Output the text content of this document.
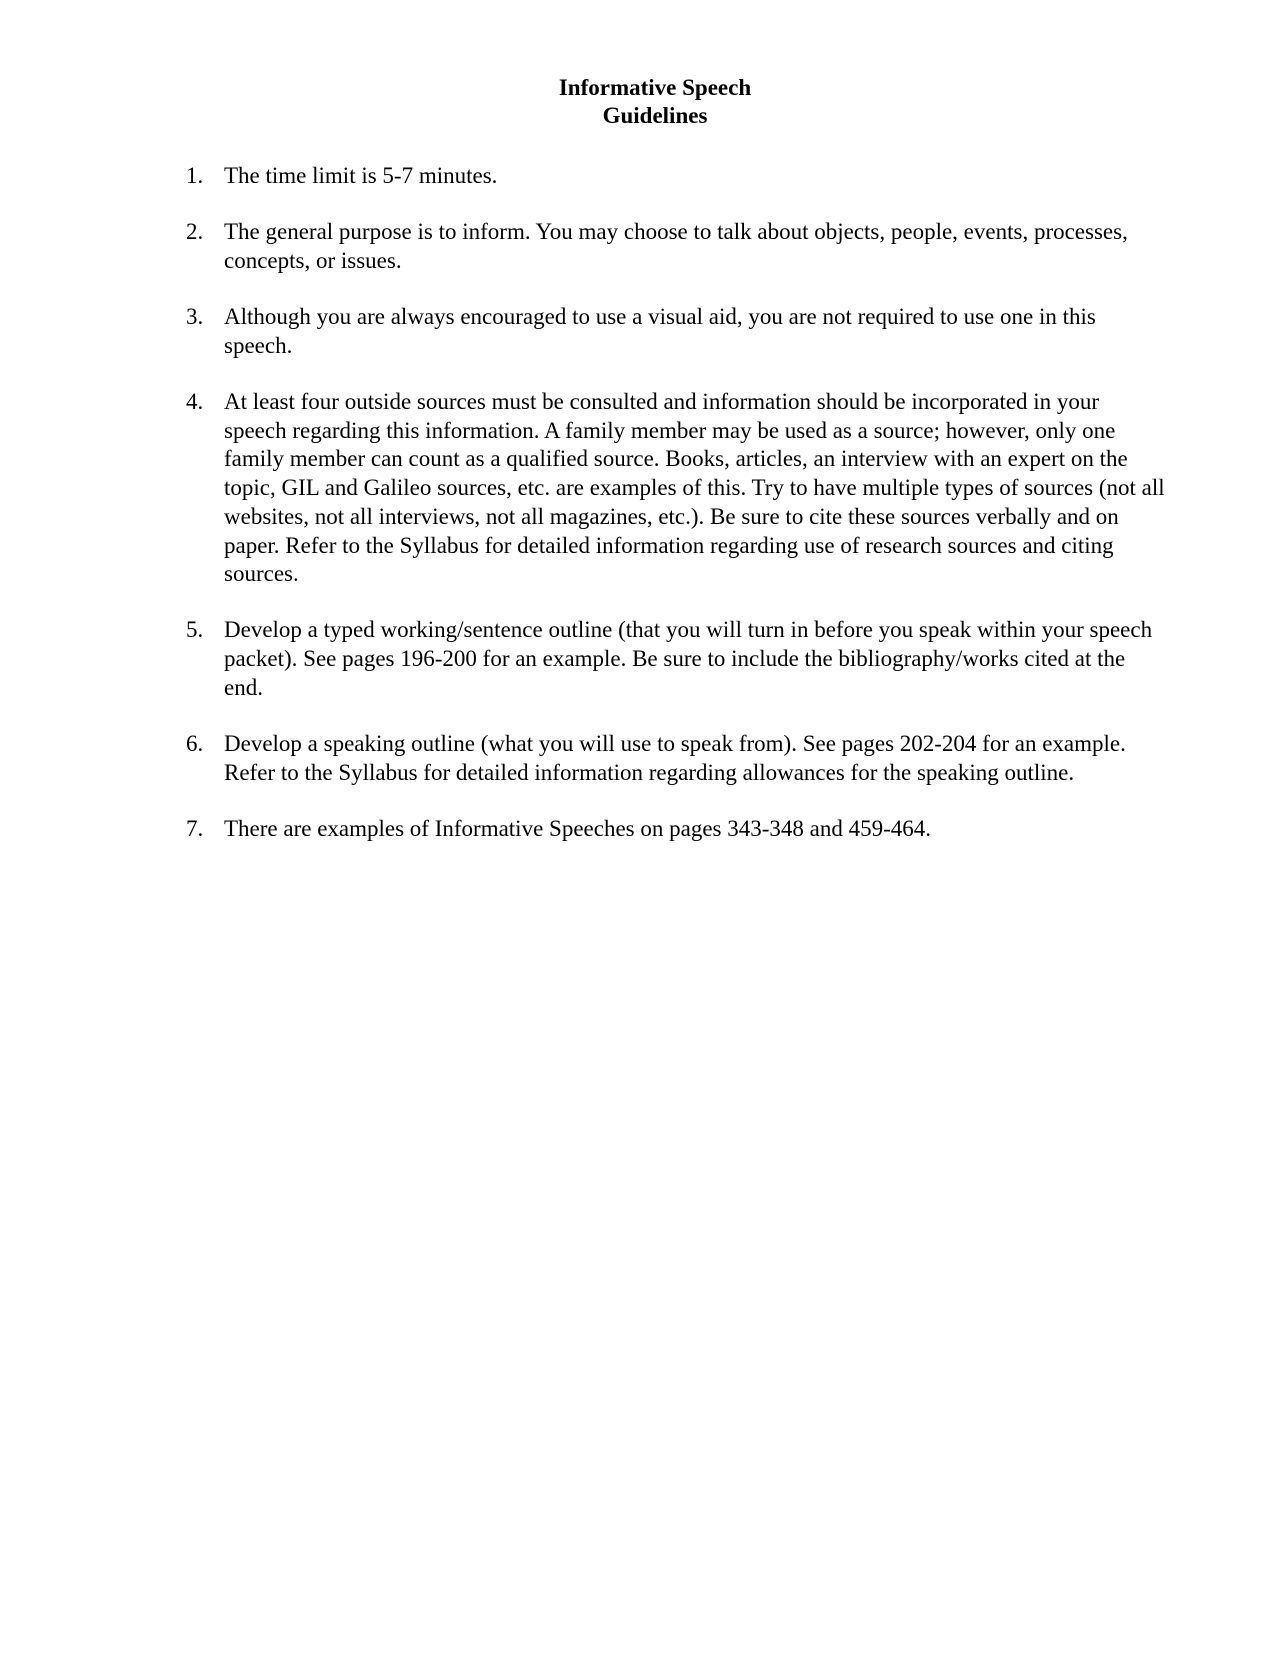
Informative Speech
Guidelines
1. The time limit is 5-7 minutes.
2. The general purpose is to inform. You may choose to talk about objects, people, events, processes, concepts, or issues.
3. Although you are always encouraged to use a visual aid, you are not required to use one in this speech.
4. At least four outside sources must be consulted and information should be incorporated in your speech regarding this information. A family member may be used as a source; however, only one family member can count as a qualified source. Books, articles, an interview with an expert on the topic, GIL and Galileo sources, etc. are examples of this. Try to have multiple types of sources (not all websites, not all interviews, not all magazines, etc.). Be sure to cite these sources verbally and on paper. Refer to the Syllabus for detailed information regarding use of research sources and citing sources.
5. Develop a typed working/sentence outline (that you will turn in before you speak within your speech packet). See pages 196-200 for an example. Be sure to include the bibliography/works cited at the end.
6. Develop a speaking outline (what you will use to speak from). See pages 202-204 for an example. Refer to the Syllabus for detailed information regarding allowances for the speaking outline.
7. There are examples of Informative Speeches on pages 343-348 and 459-464.
